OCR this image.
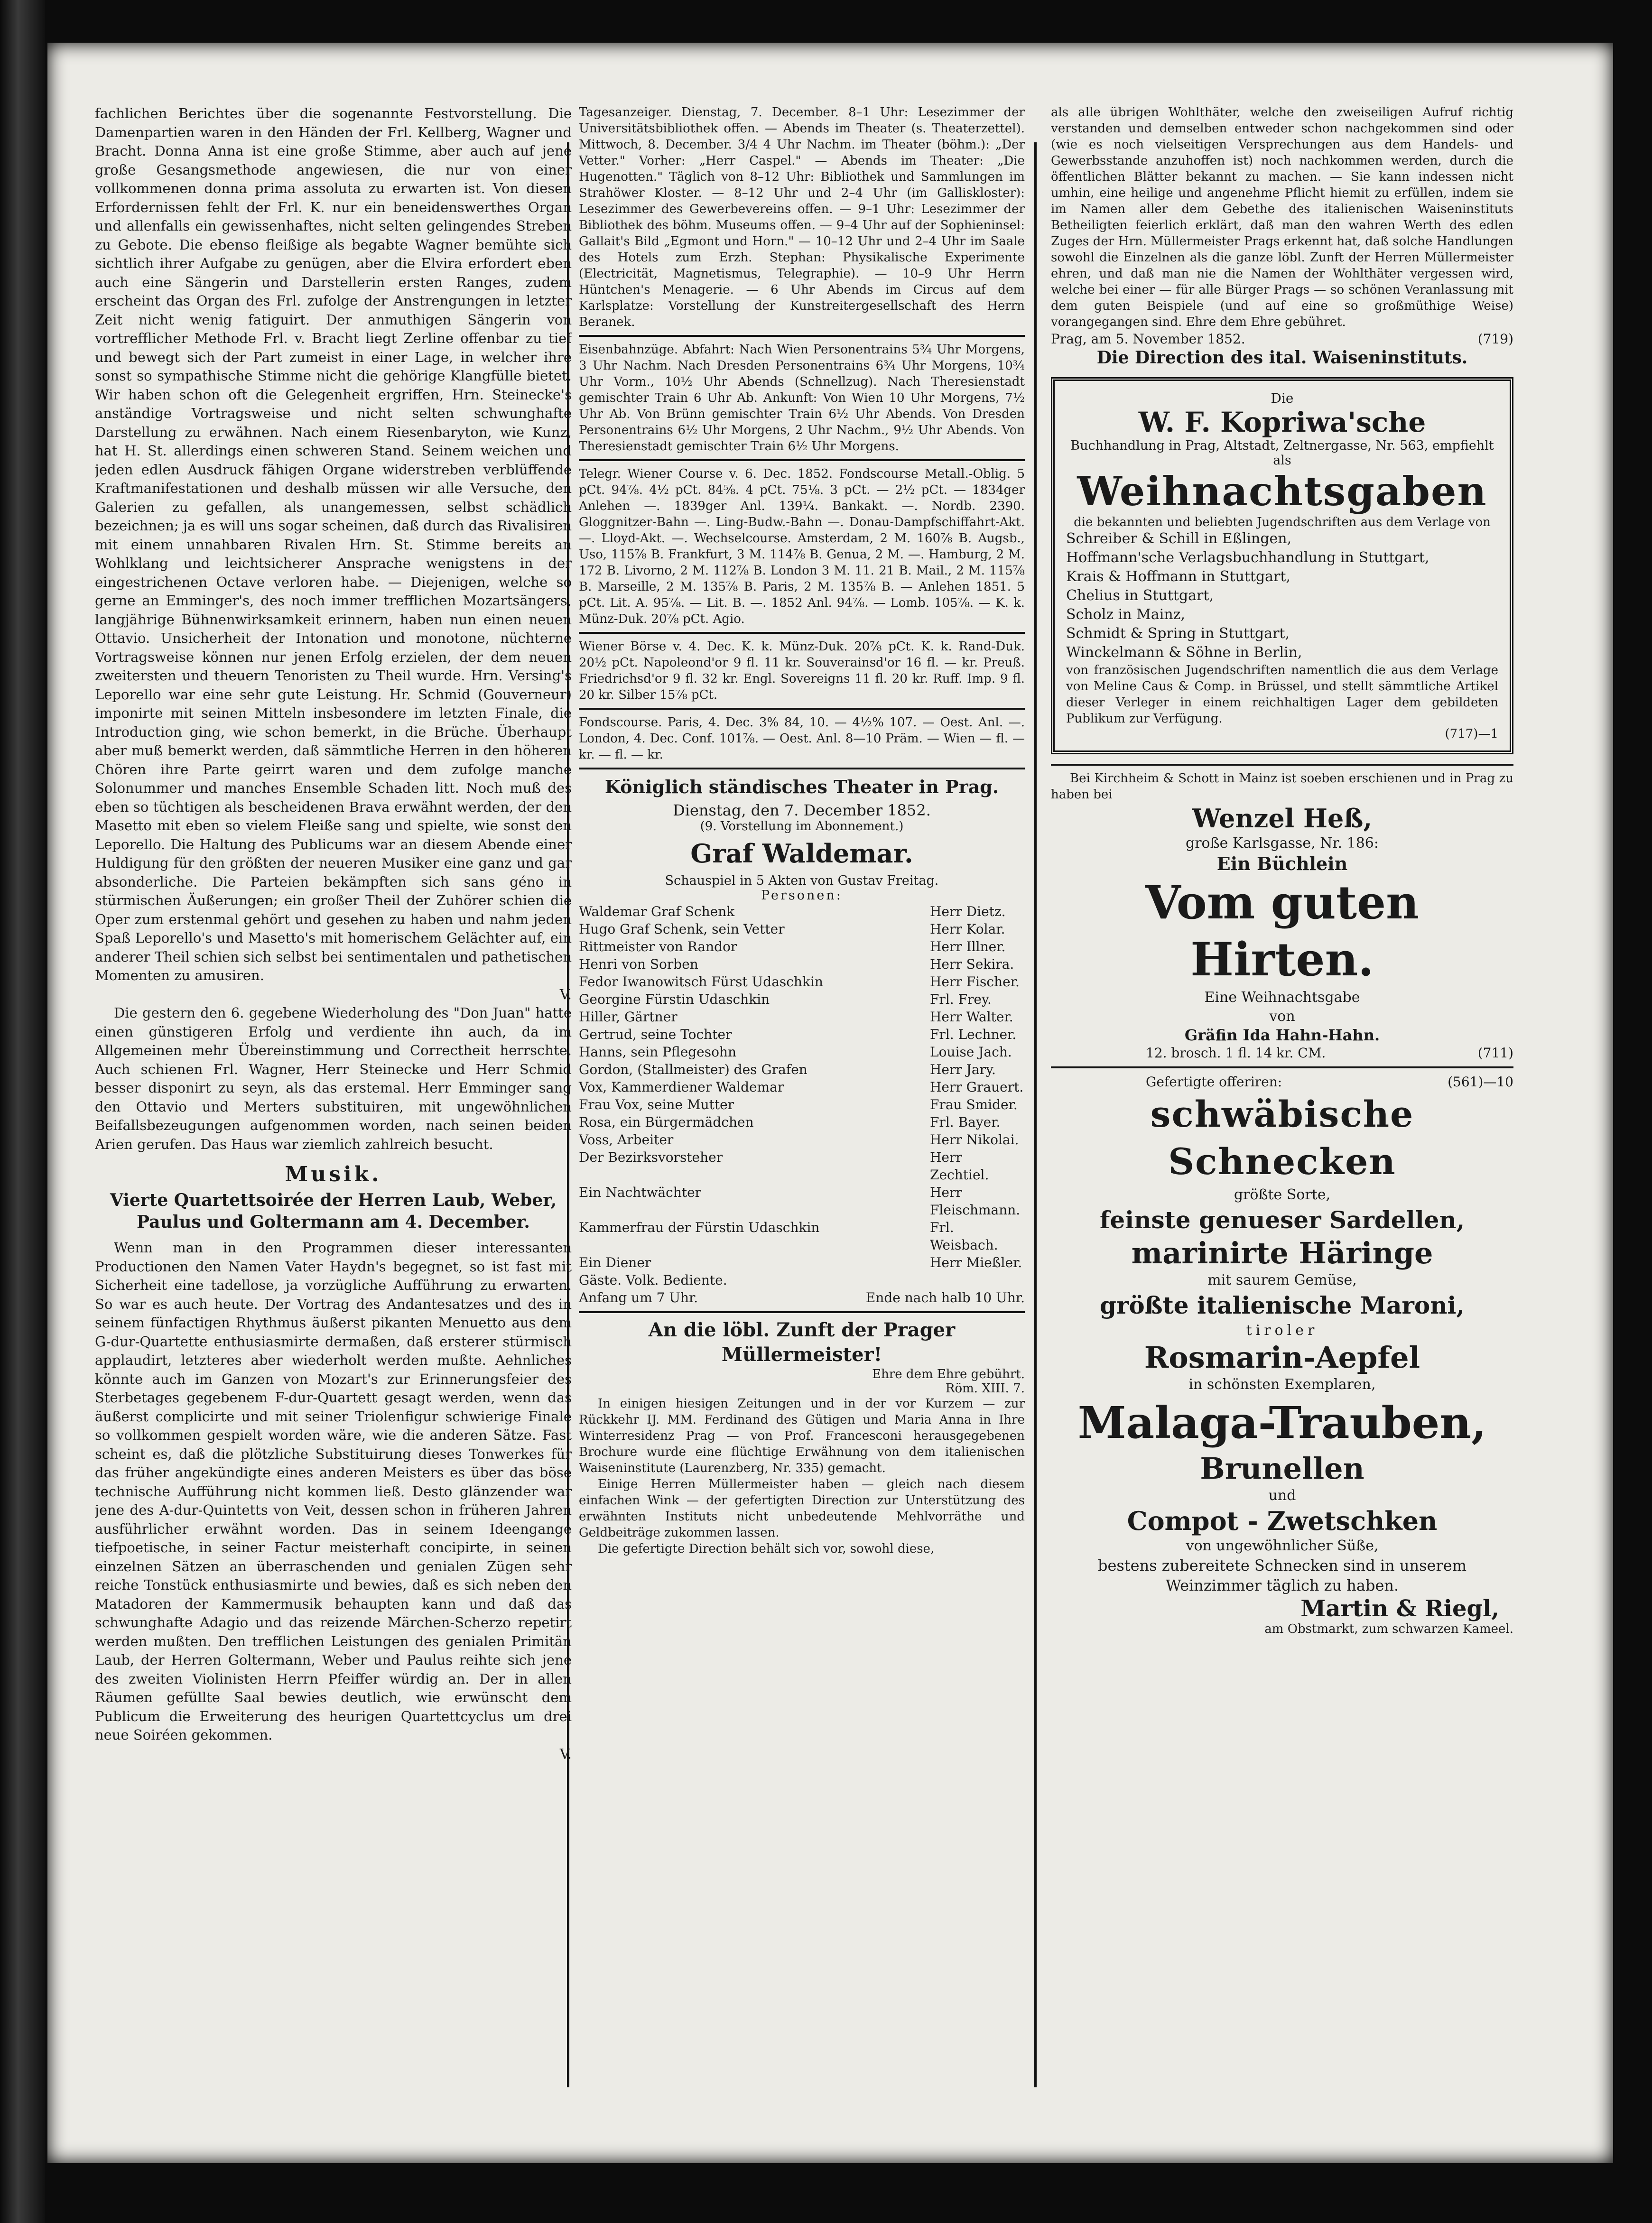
fachlichen Berichtes über die sogenannte Festvorstellung. Die Damenpartien waren in den Händen der Frl. Kellberg, Wagner und Bracht. Donna Anna ist eine große Stimme, aber auch auf jene große Gesangsmethode angewiesen, die nur von einer vollkommenen donna prima assoluta zu erwarten ist. Von diesen Erfordernissen fehlt der Frl. K. nur ein beneidenswerthes Organ und allenfalls ein gewissenhaftes, nicht selten gelingendes Streben zu Gebote. Die ebenso fleißige als begabte Wagner bemühte sich sichtlich ihrer Aufgabe zu genügen, aber die Elvira erfordert eben auch eine Sängerin und Darstellerin ersten Ranges, zudem erscheint das Organ des Frl. zufolge der Anstrengungen in letzter Zeit nicht wenig fatiguirt. Der anmuthigen Sängerin von vortrefflicher Methode Frl. v. Bracht liegt Zerline offenbar zu tief und bewegt sich der Part zumeist in einer Lage, in welcher ihre sonst so sympathische Stimme nicht die gehörige Klangfülle bietet. Wir haben schon oft die Gelegenheit ergriffen, Hrn. Steinecke's anständige Vortragsweise und nicht selten schwunghafte Darstellung zu erwähnen. Nach einem Riesenbaryton, wie Kunz, hat H. St. allerdings einen schweren Stand. Seinem weichen und jeden edlen Ausdruck fähigen Organe widerstreben verblüffende Kraftmanifestationen und deshalb müssen wir alle Versuche, den Galerien zu gefallen, als unangemessen, selbst schädlich bezeichnen; ja es will uns sogar scheinen, daß durch das Rivalisiren mit einem unnahbaren Rivalen Hrn. St. Stimme bereits an Wohlklang und leichtsicherer Ansprache wenigstens in der eingestrichenen Octave verloren habe. — Diejenigen, welche so gerne an Emminger's, des noch immer trefflichen Mozartsängers, langjährige Bühnenwirksamkeit erinnern, haben nun einen neuen Ottavio. Unsicherheit der Intonation und monotone, nüchterne Vortragsweise können nur jenen Erfolg erzielen, der dem neuen zweitersten und theuern Tenoristen zu Theil wurde. Hrn. Versing's Leporello war eine sehr gute Leistung. Hr. Schmid (Gouverneur) imponirte mit seinen Mitteln insbesondere im letzten Finale, die Introduction ging, wie schon bemerkt, in die Brüche. Überhaupt aber muß bemerkt werden, daß sämmtliche Herren in den höheren Chören ihre Parte geirrt waren und dem zufolge manche Solonummer und manches Ensemble Schaden litt. Noch muß des eben so tüchtigen als bescheidenen Brava erwähnt werden, der den Masetto mit eben so vielem Fleiße sang und spielte, wie sonst den Leporello. Die Haltung des Publicums war an diesem Abende einer Huldigung für den größten der neueren Musiker eine ganz und gar absonderliche. Die Parteien bekämpften sich sans géno in stürmischen Äußerungen; ein großer Theil der Zuhörer schien die Oper zum erstenmal gehört und gesehen zu haben und nahm jeden Spaß Leporello's und Masetto's mit homerischem Gelächter auf, ein anderer Theil schien sich selbst bei sentimentalen und pathetischen Momenten zu amusiren.

V.

Die gestern den 6. gegebene Wiederholung des "Don Juan" hatte einen günstigeren Erfolg und verdiente ihn auch, da im Allgemeinen mehr Übereinstimmung und Correctheit herrschte. Auch schienen Frl. Wagner, Herr Steinecke und Herr Schmid besser disponirt zu seyn, als das erstemal. Herr Emminger sang den Ottavio und Merters substituiren, mit ungewöhnlichen Beifallsbezeugungen aufgenommen worden, nach seinen beiden Arien gerufen. Das Haus war ziemlich zahlreich besucht.

Musik.

Vierte Quartettsoirée der Herren Laub, Weber, Paulus und Goltermann am 4. December.

Wenn man in den Programmen dieser interessanten Productionen den Namen Vater Haydn's begegnet, so ist fast mit Sicherheit eine tadellose, ja vorzügliche Aufführung zu erwarten. So war es auch heute. Der Vortrag des Andantesatzes und des in seinem fünfactigen Rhythmus äußerst pikanten Menuetto aus dem G-dur-Quartette enthusiasmirte dermaßen, daß ersterer stürmisch applaudirt, letzteres aber wiederholt werden mußte. Aehnliches könnte auch im Ganzen von Mozart's zur Erinnerungsfeier des Sterbetages gegebenem F-dur-Quartett gesagt werden, wenn das äußerst complicirte und mit seiner Triolenfigur schwierige Finale so vollkommen gespielt worden wäre, wie die anderen Sätze. Fast scheint es, daß die plötzliche Substituirung dieses Tonwerkes für das früher angekündigte eines anderen Meisters es über das böse technische Aufführung nicht kommen ließ. Desto glänzender war jene des A-dur-Quintetts von Veit, dessen schon in früheren Jahren ausführlicher erwähnt worden. Das in seinem Ideengange tiefpoetische, in seiner Factur meisterhaft concipirte, in seinen einzelnen Sätzen an überraschenden und genialen Zügen sehr reiche Tonstück enthusiasmirte und bewies, daß es sich neben den Matadoren der Kammermusik behaupten kann und daß das schwunghafte Adagio und das reizende Märchen-Scherzo repetirt werden mußten. Den trefflichen Leistungen des genialen Primitän Laub, der Herren Goltermann, Weber und Paulus reihte sich jene des zweiten Violinisten Herrn Pfeiffer würdig an. Der in allen Räumen gefüllte Saal bewies deutlich, wie erwünscht dem Publicum die Erweiterung des heurigen Quartettcyclus um drei neue Soiréen gekommen.

V.

Tagesanzeiger. Dienstag, 7. December. 8–1 Uhr: Lesezimmer der Universitätsbibliothek offen. — Abends im Theater (s. Theaterzettel). Mittwoch, 8. December. 3/4 4 Uhr Nachm. im Theater (böhm.): „Der Vetter." Vorher: „Herr Caspel." — Abends im Theater: „Die Hugenotten." Täglich von 8–12 Uhr: Bibliothek und Sammlungen im Strahöwer Kloster. — 8–12 Uhr und 2–4 Uhr (im Galliskloster): Lesezimmer des Gewerbevereins offen. — 9–1 Uhr: Lesezimmer der Bibliothek des böhm. Museums offen. — 9–4 Uhr auf der Sophieninsel: Gallait's Bild „Egmont und Horn." — 10–12 Uhr und 2–4 Uhr im Saale des Hotels zum Erzh. Stephan: Physikalische Experimente (Electricität, Magnetismus, Telegraphie). — 10–9 Uhr Herrn Hüntchen's Menagerie. — 6 Uhr Abends im Circus auf dem Karlsplatze: Vorstellung der Kunstreitergesellschaft des Herrn Beranek.

Eisenbahnzüge. Abfahrt: Nach Wien Personentrains 5¾ Uhr Morgens, 3 Uhr Nachm. Nach Dresden Personentrains 6¾ Uhr Morgens, 10¾ Uhr Vorm., 10½ Uhr Abends (Schnellzug). Nach Theresienstadt gemischter Train 6 Uhr Ab. Ankunft: Von Wien 10 Uhr Morgens, 7½ Uhr Ab. Von Brünn gemischter Train 6½ Uhr Abends. Von Dresden Personentrains 6½ Uhr Morgens, 2 Uhr Nachm., 9½ Uhr Abends. Von Theresienstadt gemischter Train 6½ Uhr Morgens.

Telegr. Wiener Course v. 6. Dec. 1852. Fondscourse Metall.-Oblig. 5 pCt. 94⅞. 4½ pCt. 84⅝. 4 pCt. 75⅛. 3 pCt. — 2½ pCt. — 1834ger Anlehen —. 1839ger Anl. 139¼. Bankakt. —. Nordb. 2390. Gloggnitzer-Bahn —. Ling-Budw.-Bahn —. Donau-Dampfschiffahrt-Akt. —. Lloyd-Akt. —. Wechselcourse. Amsterdam, 2 M. 160⅞ B. Augsb., Uso, 115⅞ B. Frankfurt, 3 M. 114⅞ B. Genua, 2 M. —. Hamburg, 2 M. 172 B. Livorno, 2 M. 112⅞ B. London 3 M. 11. 21 B. Mail., 2 M. 115⅞ B. Marseille, 2 M. 135⅞ B. Paris, 2 M. 135⅞ B. — Anlehen 1851. 5 pCt. Lit. A. 95⅞. — Lit. B. —. 1852 Anl. 94⅞. — Lomb. 105⅞. — K. k. Münz-Duk. 20⅞ pCt. Agio.

Wiener Börse v. 4. Dec. K. k. Münz-Duk. 20⅞ pCt. K. k. Rand-Duk. 20½ pCt. Napoleond'or 9 fl. 11 kr. Souverainsd'or 16 fl. — kr. Preuß. Friedrichsd'or 9 fl. 32 kr. Engl. Sovereigns 11 fl. 20 kr. Ruff. Imp. 9 fl. 20 kr. Silber 15⅞ pCt.

Fondscourse. Paris, 4. Dec. 3% 84, 10. — 4½% 107. — Oest. Anl. —. London, 4. Dec. Conf. 101⅞. — Oest. Anl. 8—10 Präm. — Wien — fl. — kr. — fl. — kr.

Königlich ständisches Theater in Prag.

Dienstag, den 7. December 1852.

(9. Vorstellung im Abonnement.)

Graf Waldemar.

Schauspiel in 5 Akten von Gustav Freitag.

Personen:

Waldemar Graf Schenk	Herr Dietz.
Hugo Graf Schenk, sein Vetter	Herr Kolar.
Rittmeister von Randor	Herr Illner.
Henri von Sorben	Herr Sekira.
Fedor Iwanowitsch Fürst Udaschkin	Herr Fischer.
Georgine Fürstin Udaschkin	Frl. Frey.
Hiller, Gärtner	Herr Walter.
Gertrud, seine Tochter	Frl. Lechner.
Hanns, sein Pflegesohn	Louise Jach.
Gordon, (Stallmeister) des Grafen	Herr Jary.
Vox, Kammerdiener Waldemar	Herr Grauert.
Frau Vox, seine Mutter	Frau Smider.
Rosa, ein Bürgermädchen	Frl. Bayer.
Voss, Arbeiter	Herr Nikolai.
Der Bezirksvorsteher	Herr Zechtiel.
Ein Nachtwächter	Herr Fleischmann.
Kammerfrau der Fürstin Udaschkin	Frl. Weisbach.
Ein Diener	Herr Mießler.
Gäste. Volk. Bediente.
Anfang um 7 Uhr.	Ende nach halb 10 Uhr.

An die löbl. Zunft der Prager Müllermeister!

Ehre dem Ehre gebührt.

Röm. XIII. 7.

In einigen hiesigen Zeitungen und in der vor Kurzem — zur Rückkehr IJ. MM. Ferdinand des Gütigen und Maria Anna in Ihre Winterresidenz Prag — von Prof. Francesconi herausgegebenen Brochure wurde eine flüchtige Erwähnung von dem italienischen Waiseninstitute (Laurenzberg, Nr. 335) gemacht.

Einige Herren Müllermeister haben — gleich nach diesem einfachen Wink — der gefertigten Direction zur Unterstützung des erwähnten Instituts nicht unbedeutende Mehlvorräthe und Geldbeiträge zukommen lassen.

Die gefertigte Direction behält sich vor, sowohl diese,

als alle übrigen Wohlthäter, welche den zweiseiligen Aufruf richtig verstanden und demselben entweder schon nachgekommen sind oder (wie es noch vielseitigen Versprechungen aus dem Handels- und Gewerbsstande anzuhoffen ist) noch nachkommen werden, durch die öffentlichen Blätter bekannt zu machen. — Sie kann indessen nicht umhin, eine heilige und angenehme Pflicht hiemit zu erfüllen, indem sie im Namen aller dem Gebethe des italienischen Waiseninstituts Betheiligten feierlich erklärt, daß man den wahren Werth des edlen Zuges der Hrn. Müllermeister Prags erkennt hat, daß solche Handlungen sowohl die Einzelnen als die ganze löbl. Zunft der Herren Müllermeister ehren, und daß man nie die Namen der Wohlthäter vergessen wird, welche bei einer — für alle Bürger Prags — so schönen Veranlassung mit dem guten Beispiele (und auf eine so großmüthige Weise) vorangegangen sind. Ehre dem Ehre gebühret.

Prag, am 5. November 1852.	(719)

Die Direction des ital. Waiseninstituts.

Die

W. F. Kopriwa'sche

Buchhandlung in Prag, Altstadt, Zeltnergasse, Nr. 563, empfiehlt als

Weihnachtsgaben

die bekannten und beliebten Jugendschriften aus dem Verlage von

Schreiber & Schill in Eßlingen,

Hoffmann'sche Verlagsbuchhandlung in Stuttgart,

Krais & Hoffmann in Stuttgart,

Chelius in Stuttgart,

Scholz in Mainz,

Schmidt & Spring in Stuttgart,

Winckelmann & Söhne in Berlin,

von französischen Jugendschriften namentlich die aus dem Verlage von Meline Caus & Comp. in Brüssel, und stellt sämmtliche Artikel dieser Verleger in einem reichhaltigen Lager dem gebildeten Publikum zur Verfügung.

(717)—1

Bei Kirchheim & Schott in Mainz ist soeben erschienen und in Prag zu haben bei

Wenzel Heß,

große Karlsgasse, Nr. 186:

Ein Büchlein

Vom guten Hirten.

Eine Weihnachtsgabe

von

Gräfin Ida Hahn-Hahn.

12. brosch. 1 fl. 14 kr. CM.	(711)
Gefertigte offeriren:	(561)—10

schwäbische Schnecken

größte Sorte,

feinste genueser Sardellen,

marinirte Häringe

mit saurem Gemüse,

größte italienische Maroni,

tiroler

Rosmarin-Aepfel

in schönsten Exemplaren,

Malaga-Trauben,

Brunellen

und

Compot - Zwetschken

von ungewöhnlicher Süße,

bestens zubereitete Schnecken sind in unserem Weinzimmer täglich zu haben.

Martin & Riegl,

am Obstmarkt, zum schwarzen Kameel.
